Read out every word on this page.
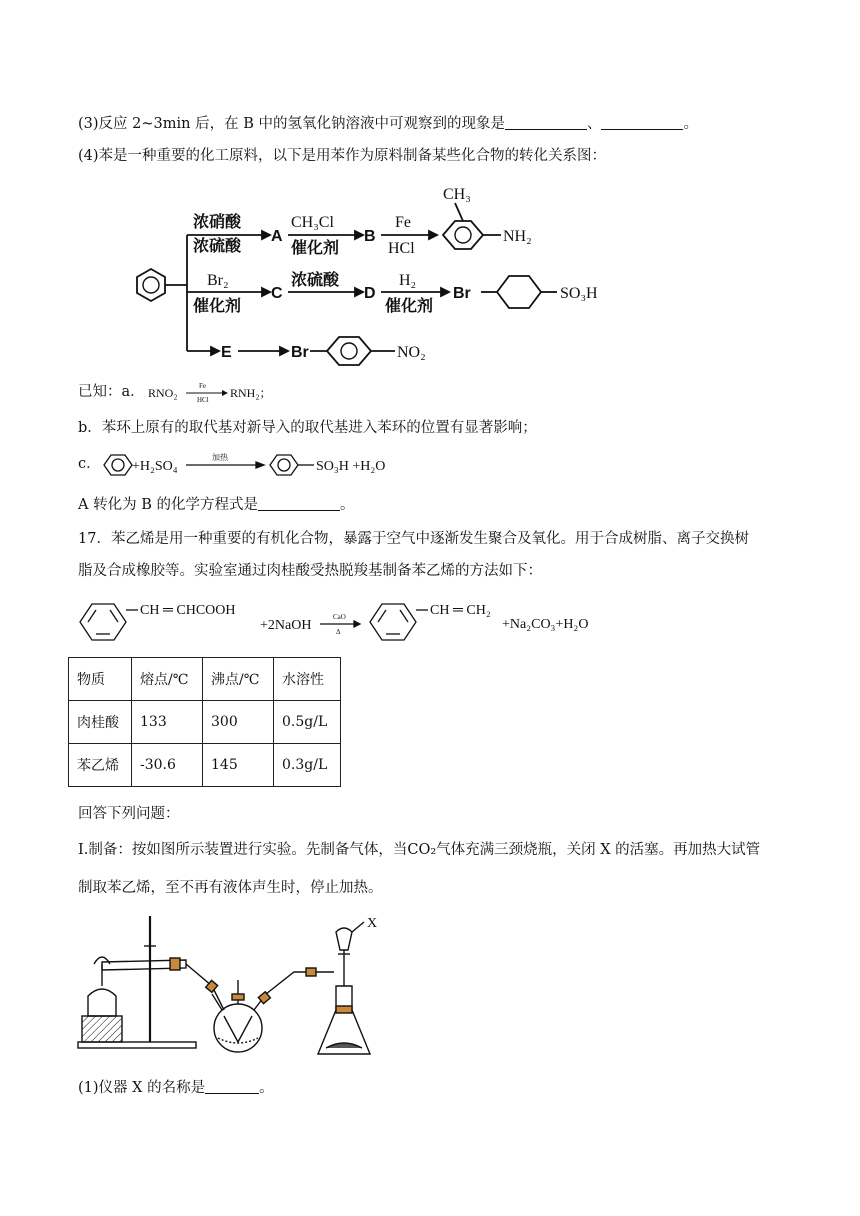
(3)反应 2~3min 后，在 B 中的氢氧化钠溶液中可观察到的现象是	、	。
(4)苯是一种重要的化工原料，以下是用苯作为原料制备某些化合物的转化关系图：
浓硝酸
浓硫酸
A
CH₃Cl
催化剂
B
Fe
HCl
CH₃
NH₂
Br₂
催化剂
C
浓硫酸
D
H₂
催化剂
Br	SO₃H
E	Br	NO₂
已知：a． RNO₂	Fe
HCl RNH₂；
b．苯环上原有的取代基对新导入的取代基进入苯环的位置有显著影响；
c． +H₂SO₄
加热
SO₃H +H₂O
A 转化为 B 的化学方程式是	。
17．苯乙烯是用一种重要的有机化合物，暴露于空气中逐渐发生聚合及氧化。用于合成树脂、离子交换树
脂及合成橡胶等。实验室通过肉桂酸受热脱羧基制备苯乙烯的方法如下：
CH ═ CHCOOH
+2NaOH
CaO
Δ
CH ═ CH₂
+Na₂CO₃+H₂O
物质	熔点/℃	沸点/℃	水溶性
肉桂酸	133	300	0.5g/L
苯乙烯	-30.6	145	0.3g/L
回答下列问题：
I.制备：按如图所示装置进行实验。先制备气体，当CO₂气体充满三颈烧瓶，关闭 X 的活塞。再加热大试管
制取苯乙烯，至不再有液体声生时，停止加热。
X
(1)仪器 X 的名称是	。
